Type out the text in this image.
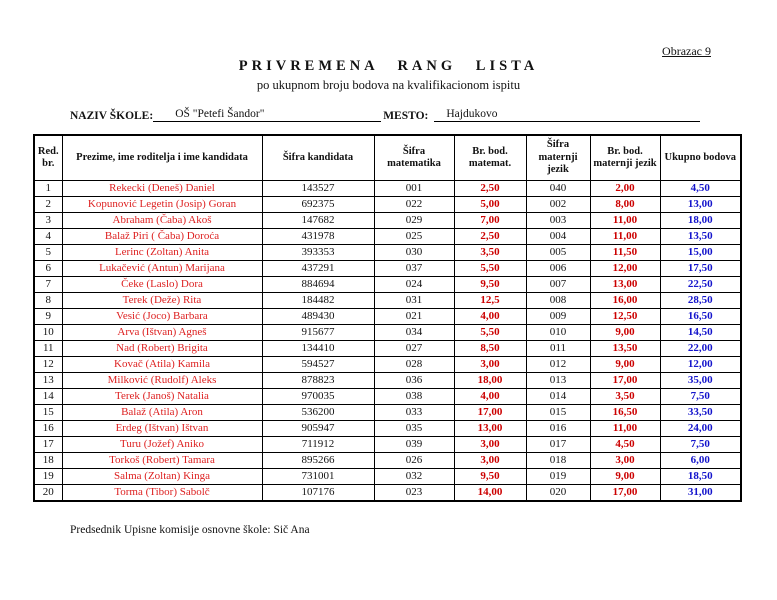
Obrazac 9
PRIVREMENA RANG LISTA
po ukupnom broju bodova na kvalifikacionom ispitu
NAZIV ŠKOLE:	OŠ "Petefi Šandor"	MESTO:	Hajdukovo
Red. br.	Prezime, ime roditelja i ime kandidata	Šifra kandidata	Šifra matematika	Br. bod. matemat.	Šifra maternji jezik	Br. bod. maternji jezik	Ukupno bodova
1	Rekecki (Deneš) Daniel	143527	001	2,50	040	2,00	4,50
2	Kopunović Legetin (Josip) Goran	692375	022	5,00	002	8,00	13,00
3	Abraham (Čaba) Akoš	147682	029	7,00	003	11,00	18,00
4	Balaž Piri ( Čaba) Doroća	431978	025	2,50	004	11,00	13,50
5	Lerinc (Zoltan) Anita	393353	030	3,50	005	11,50	15,00
6	Lukačević (Antun) Marijana	437291	037	5,50	006	12,00	17,50
7	Čeke (Laslo) Dora	884694	024	9,50	007	13,00	22,50
8	Terek (Deže) Rita	184482	031	12,5	008	16,00	28,50
9	Vesić (Joco) Barbara	489430	021	4,00	009	12,50	16,50
10	Arva (Ištvan) Agneš	915677	034	5,50	010	9,00	14,50
11	Nad (Robert) Brigita	134410	027	8,50	011	13,50	22,00
12	Kovač (Atila) Kamila	594527	028	3,00	012	9,00	12,00
13	Milković (Rudolf) Aleks	878823	036	18,00	013	17,00	35,00
14	Terek (Janoš) Natalia	970035	038	4,00	014	3,50	7,50
15	Balaž (Atila) Aron	536200	033	17,00	015	16,50	33,50
16	Erdeg (Ištvan) Ištvan	905947	035	13,00	016	11,00	24,00
17	Turu (Jožef) Aniko	711912	039	3,00	017	4,50	7,50
18	Torkoš (Robert) Tamara	895266	026	3,00	018	3,00	6,00
19	Salma (Zoltan) Kinga	731001	032	9,50	019	9,00	18,50
20	Torma (Tibor) Sabolč	107176	023	14,00	020	17,00	31,00
Predsednik Upisne komisije osnovne škole: Sič Ana
